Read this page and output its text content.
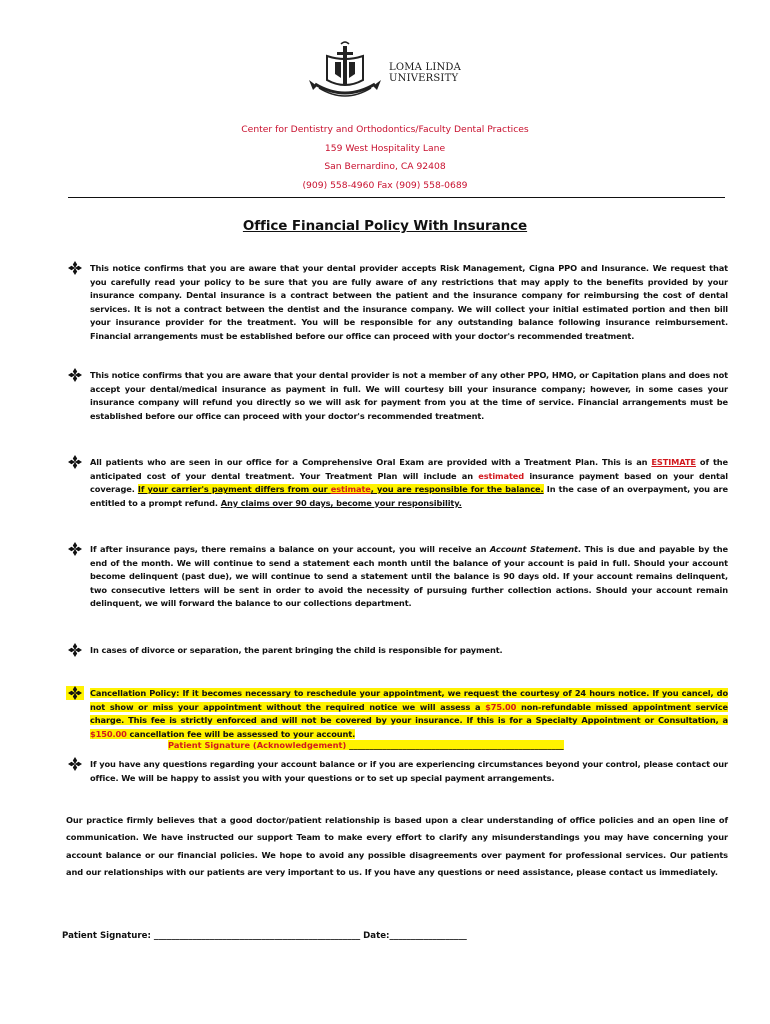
LOMA LINDA
UNIVERSITY
Center for Dentistry and Orthodontics/Faculty Dental Practices
159 West Hospitality Lane
San Bernardino, CA 92408
(909) 558-4960 Fax (909) 558-0689
Office Financial Policy With Insurance
This notice confirms that you are aware that your dental provider accepts Risk Management, Cigna PPO and Insurance. We request that you carefully read your policy to be sure that you are fully aware of any restrictions that may apply to the benefits provided by your insurance company. Dental insurance is a contract between the patient and the insurance company for reimbursing the cost of dental services. It is not a contract between the dentist and the insurance company. We will collect your initial estimated portion and then bill your insurance provider for the treatment. You will be responsible for any outstanding balance following insurance reimbursement. Financial arrangements must be established before our office can proceed with your doctor's recommended treatment.
This notice confirms that you are aware that your dental provider is not a member of any other PPO, HMO, or Capitation plans and does not accept your dental/medical insurance as payment in full. We will courtesy bill your insurance company; however, in some cases your insurance company will refund you directly so we will ask for payment from you at the time of service. Financial arrangements must be established before our office can proceed with your doctor's recommended treatment.
All patients who are seen in our office for a Comprehensive Oral Exam are provided with a Treatment Plan. This is an ESTIMATE of the anticipated cost of your dental treatment. Your Treatment Plan will include an estimated insurance payment based on your dental coverage. If your carrier's payment differs from our estimate, you are responsible for the balance. In the case of an overpayment, you are entitled to a prompt refund. Any claims over 90 days, become your responsibility.
If after insurance pays, there remains a balance on your account, you will receive an Account Statement. This is due and payable by the end of the month. We will continue to send a statement each month until the balance of your account is paid in full. Should your account become delinquent (past due), we will continue to send a statement until the balance is 90 days old. If your account remains delinquent, two consecutive letters will be sent in order to avoid the necessity of pursuing further collection actions. Should your account remain delinquent, we will forward the balance to our collections department.
In cases of divorce or separation, the parent bringing the child is responsible for payment.
Cancellation Policy: If it becomes necessary to reschedule your appointment, we request the courtesy of 24 hours notice. If you cancel, do not show or miss your appointment without the required notice we will assess a $75.00 non-refundable missed appointment service charge. This fee is strictly enforced and will not be covered by your insurance. If this is for a Specialty Appointment or Consultation, a $150.00 cancellation fee will be assessed to your account.
Patient Signature (Acknowledgement) ____________________________________________________
If you have any questions regarding your account balance or if you are experiencing circumstances beyond your control, please contact our office. We will be happy to assist you with your questions or to set up special payment arrangements.
Our practice firmly believes that a good doctor/patient relationship is based upon a clear understanding of office policies and an open line of communication. We have instructed our support Team to make every effort to clarify any misunderstandings you may have concerning your account balance or our financial policies. We hope to avoid any possible disagreements over payment for professional services. Our patients and our relationships with our patients are very important to us. If you have any questions or need assistance, please contact us immediately.
Patient Signature: ________________________________________________ Date:__________________
